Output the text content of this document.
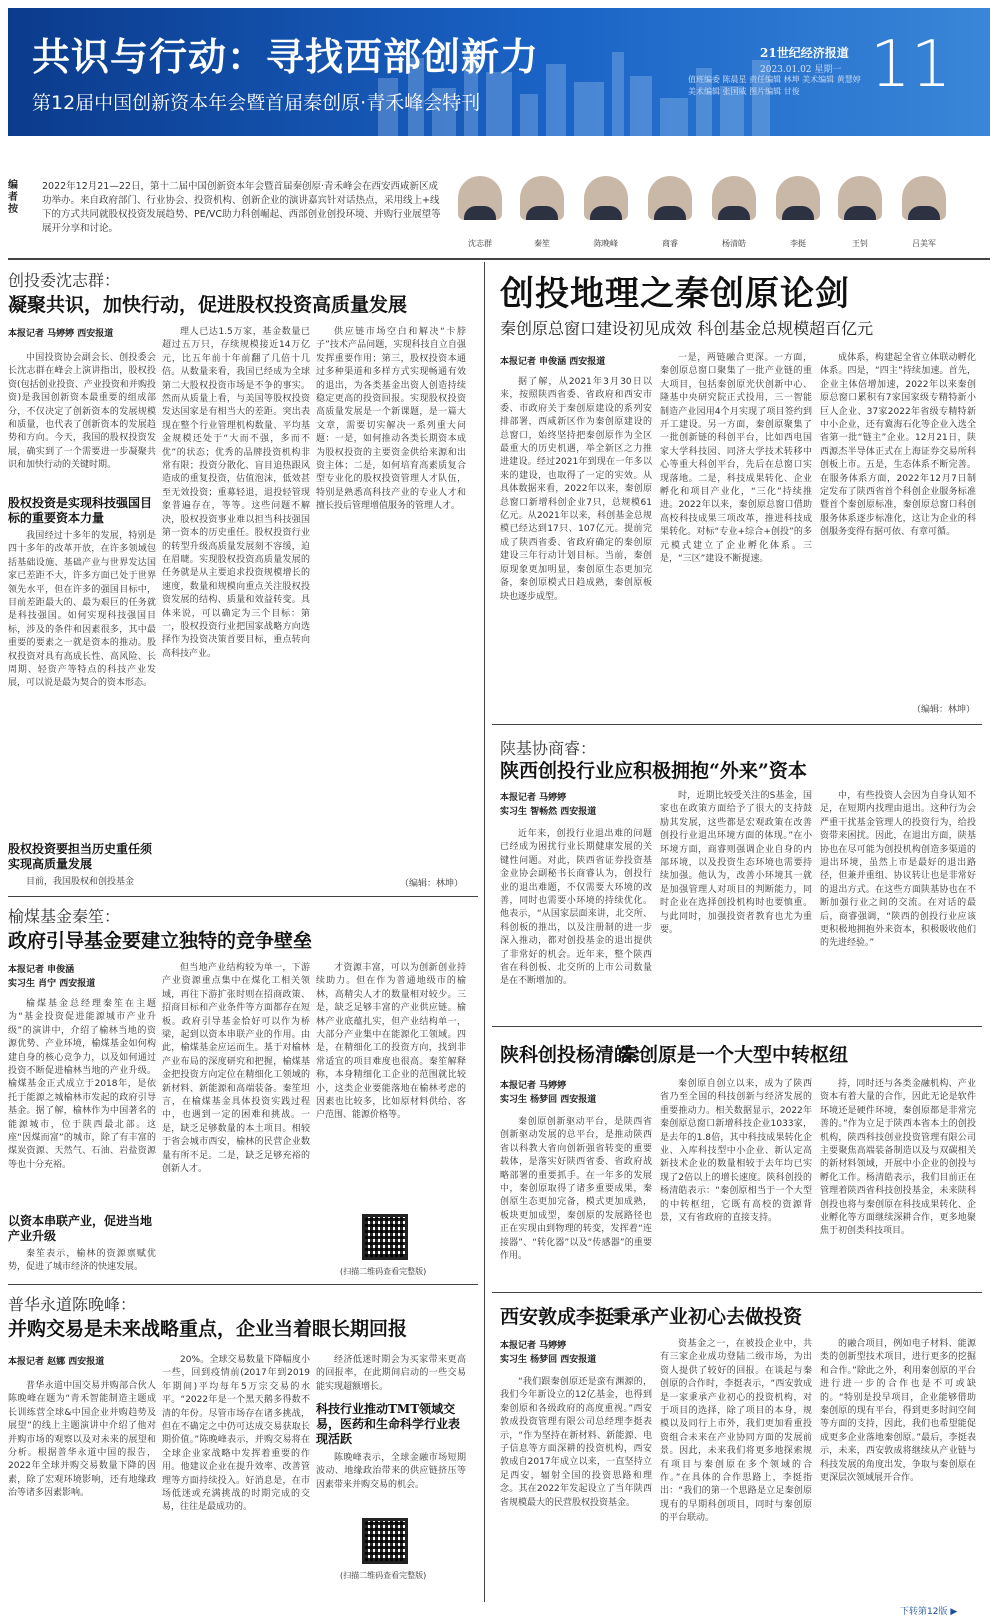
共识与行动：寻找西部创新力
第12届中国创新资本年会暨首届秦创原·青禾峰会特刊
21世纪经济报道
2023.01.02 星期一
值班编委 陈晨星 责任编辑 林坤 美术编辑 黄慧婷 美术编辑 张国威 图片编辑 甘俊	11
编者按
2022年12月21—22日，第十二届中国创新资本年会暨首届秦创原·青禾峰会在西安西咸新区成功举办。来自政府部门、行业协会、投资机构、创新企业的演讲嘉宾针对话热点，采用线上+线下的方式共同就股权投资发展趋势、PE/VC助力科创崛起、西部创业创投环境、并购行业展望等展开分享和讨论。
沈志群	秦笙	陈晚峰	商睿	杨清皓	李挺	王钊	吕美军
创投委沈志群：
凝聚共识，加快行动，促进股权投资高质量发展
本报记者 马婷婷 西安报道

中国投资协会副会长、创投委会长沈志群在峰会上演讲指出，股权投资(包括创业投资、产业投资和并购投资)是我国创新资本最重要的组成部分，不仅决定了创新资本的发展规模和质量，也代表了创新资本的发展趋势和方向。今天，我国的股权投资发展，确实到了一个需要进一步凝聚共识和加快行动的关键时期。

股权投资是实现科技强国目标的重要资本力量

我国经过十多年的发展，特别是四十多年的改革开放，在许多领域包括基础设施、基础产业与世界发达国家已差距不大，许多方面已处于世界领先水平，但在许多的强国目标中，目前差距最大的、最为艰巨的任务就是科技强国。如何实现科技强国目标，涉及的条件和因素很多，其中最重要的要素之一就是资本的推动。股权投资对具有高成长性、高风险、长周期、轻资产等特点的科技产业发展，可以说是最为契合的资本形态。

股权投资要担当历史重任须实现高质量发展

目前，我国股权和创投基金

理人已达1.5万家，基金数量已超过五万只，存续规模接近14万亿元，比五年前十年前翻了几倍十几倍。从数量来看，我国已经成为全球第二大股权投资市场是不争的事实。然而从质量上看，与美国等股权投资发达国家是有相当大的差距。突出表现在整个行业管理机构数量、平均基金规模还处于“大而不强，多而不优”的状态；优秀的品牌投资机构非常有限；投资分散化、盲目追热跟风造成的重复投资，估值泡沫，低效甚至无效投资；重募轻退，退投轻管现象普遍存在，等等。这些问题不解决，股权投资事业难以担当科技强国第一资本的历史重任。股权投资行业的转型升级高质量发展刻不容缓，迫在眉睫。实现股权投资高质量发展的任务就是从主要追求投资规模增长的速度，数量和规模向重点关注股权投资发展的结构、质量和效益转变。具体来说，可以确定为三个目标：第一，股权投资行业把国家战略方向选择作为投资决策首要目标，重点转向高科技产业。

供应链市场空白和解决“卡脖子”技术产品问题，实现科技自立自强发挥重要作用；第三，股权投资本通过多种渠道和多样方式实现畅通有效的退出，为各类基金出资人创造持续稳定更高的投资回报。实现股权投资高质量发展是一个新课题，是一篇大文章，需要切实解决一系列重大问题：一是，如何推动各类长期资本成为股权投资的主要资金供给来源和出资主体；二是，如何培育高素质复合型专业化的股权投资管理人才队伍，特别是熟悉高科技产业的专业人才和擅长投后管理增值服务的管理人才。

（编辑：林坤）
榆煤基金秦笙：
政府引导基金要建立独特的竞争壁垒
本报记者 申俊涵
实习生 肖宁 西安报道

榆煤基金总经理秦笙在主题为“基金投资促进能源城市产业升级”的演讲中，介绍了榆林当地的资源优势、产业环境，榆煤基金如何构建自身的核心竞争力，以及如何通过投资不断促进榆林当地的产业升级。榆煤基金正式成立于2018年，是依托于能源之城榆林市发起的政府引导基金。据了解，榆林作为中国著名的能源城市，位于陕西最北部。这座“因煤而富”的城市，除了有丰富的煤炭资源、天然气、石油、岩盐资源等也十分充裕。

以资本串联产业，促进当地产业升级

秦笙表示，榆林的资源禀赋优势，促进了城市经济的快速发展。

但当地产业结构较为单一，下游产业资源重点集中在煤化工相关领域，再往下游扩张时则在招商政策、招商目标和产业条件等方面都存在短板。政府引导基金恰好可以作为桥梁，起到以资本串联产业的作用。由此，榆煤基金应运而生。基于对榆林产业布局的深度研究和把握，榆煤基金把投资方向定位在精细化工领域的新材料、新能源和高端装备。秦笙坦言，在榆煤基金具体投资实践过程中，也遇到一定的困难和挑战。一是，缺乏足够数量的本土项目。相较于省会城市西安，榆林的民营企业数量有所不足。二是，缺乏足够充裕的创新人才。

才资源丰富，可以为创新创业持续助力。但在作为普通地级市的榆林，高精尖人才的数量相对较少。三是，缺乏足够丰富的产业供应链。榆林产业底蕴扎实，但产业结构单一，大部分产业集中在能源化工领域。四是，在精细化工的投资方向，找到非常适宜的项目难度也很高。秦笙解释称，本身精细化工企业的范围就比较小，这类企业要能落地在榆林考虑的因素也比较多，比如原材料供给、客户范围、能源价格等。

(扫描二维码查看完整版)
普华永道陈晚峰：
并购交易是未来战略重点，企业当着眼长期回报
本报记者 赵娜 西安报道

普华永道中国交易并购部合伙人陈晚峰在题为“青禾智能制造主题成长训练营全球&中国企业并购趋势及展望”的线上主题演讲中介绍了他对并购市场的观察以及对未来的展望和分析。根据普华永道中国的报告，2022年全球并购交易数量下降的因素，除了宏观环境影响，还有地缘政治等诸多因素影响。

20%。全球交易数量下降幅度小一些，回到疫情前(2017年到2019年期间)平均每年5万宗交易的水平。“2022年是一个黑天鹅多得数不清的年份。尽管市场存在诸多挑战，但在不确定之中仍可达成交易获取长期价值。”陈晚峰表示，并购交易将在全球企业家战略中发挥着重要的作用。他建议企业在提升效率、改善管理等方面持续投入。好消息是，在市场低迷或充满挑战的时期完成的交易，往往是最成功的。

经济低迷时期会为买家带来更高的回报率，在此期间启动的一些交易能实现超额增长。

科技行业推动TMT领域交易，医药和生命科学行业表现活跃

陈晚峰表示，全球金融市场短期波动、地缘政治带来的供应链挤压等因素带来并购交易的机会。

(扫描二维码查看完整版)
创投地理之秦创原论剑
秦创原总窗口建设初见成效 科创基金总规模超百亿元
本报记者 申俊涵 西安报道

据了解，从2021年3月30日以来，按照陕西省委、省政府和西安市委、市政府关于秦创原建设的系列安排部署，西咸新区作为秦创原建设的总窗口，始终坚持把秦创原作为全区最重大的历史机遇，举全新区之力推进建设。经过2021年到现在一年多以来的建设，也取得了一定的实效。从具体数据来看，2022年以来，秦创原总窗口新增科创企业7只，总规模61亿元。从2021年以来，科创基金总规模已经达到17只、107亿元。提前完成了陕西省委、省政府确定的秦创原建设三年行动计划目标。当前，秦创原现象更加明显，秦创原生态更加完备，秦创原模式日趋成熟，秦创原板块也逐步成型。

一是，两链融合更深。一方面，秦创原总窗口聚集了一批产业链的重大项目，包括秦创原光伏创新中心、隆基中央研究院正式投用，三一智能制造产业园用4个月实现了项目签约到开工建设。另一方面，秦创原聚集了一批创新链的科创平台，比如西电国家大学科技园、同济大学技术转移中心等重大科创平台，先后在总窗口实现落地。二是，科技成果转化、企业孵化和项目产业化，“三化”持续推进。2022年以来，秦创原总窗口借助高校科技成果三项改革，推进科技成果转化。对标“专业+综合+创投”的多元模式建立了企业孵化体系。三是，“三区”建设不断提速。

成体系，构建起全省立体联动孵化体系。四是，“四主”持续加速。首先，企业主体倍增加速，2022年以来秦创原总窗口累积有7家国家级专精特新小巨人企业、37家2022年省级专精特新中小企业，还有冀海石化等企业入选全省第一批“链主”企业。12月21日，陕西源杰半导体正式在上海证券交易所科创板上市。五是，生态体系不断完善。在服务体系方面，2022年12月7日制定发布了陕西省首个科创企业服务标准暨首个秦创原标准，秦创原总窗口科创服务体系逐步标准化，这让为企业的科创服务变得有据可依、有章可循。

（编辑：林坤）
陕基协商睿：
陕西创投行业应积极拥抱“外来”资本
本报记者 马婷婷
实习生 智畅然 西安报道

近年来，创投行业退出难的问题已经成为困扰行业长期健康发展的关键性问题。对此，陕西省证券投资基金业协会副秘书长商睿认为，创投行业的退出难题，不仅需要大环境的改善，同时也需要小环境的持续优化。他表示，“从国家层面来讲，北交所、科创板的推出，以及注册制的进一步深入推动，都对创投基金的退出提供了非常好的机会。近年来，整个陕西省在科创板、北交所的上市公司数量是在不断增加的。

时，近期比较受关注的S基金，国家也在政策方面给予了很大的支持鼓励其发展，这些都是宏观政策在改善创投行业退出环境方面的体现。”在小环境方面，商睿则强调企业自身的内部环境，以及投资生态环境也需要持续加强。他认为，改善小环境其一就是加强管理人对项目的判断能力，同时企业在选择创投机构时也要慎重。与此同时，加强投资者教育也尤为重要。

中，有些投资人会因为自身认知不足，在短期内找理由退出。这种行为会严重干扰基金管理人的投资行为，给投资带来困扰。因此，在退出方面，陕基协也在尽可能为创投机构创造多渠道的退出环境，虽然上市是最好的退出路径，但兼并重组、协议转让也是非常好的退出方式。在这些方面陕基协也在不断加强行业之间的交流。在对话的最后，商睿强调，“陕西的创投行业应该更积极地拥抱外来资本，积极吸收他们的先进经验。”

陕科创投杨清皓：
秦创原是一个大型中转枢纽
本报记者 马婷婷
实习生 杨梦回 西安报道

秦创原创新驱动平台，是陕西省创新驱动发展的总平台，是推动陕西省以科教大省向创新强省转变的重要载体，是落实好陕西省委、省政府战略部署的重要抓手。在一年多的发展中，秦创原取得了诸多重要成果，秦创原生态更加完备，模式更加成熟，板块更加成型，秦创原的发展路径也正在实现由到物理的转变，发挥着“连接器”、“转化器”以及“传感器”的重要作用。

秦创原自创立以来，成为了陕西省乃至全国的科技创新与经济发展的重要推动力。相关数据显示，2022年秦创原总窗口新增科技企业1033家，是去年的1.8倍，其中科技成果转化企业、入库科技型中小企业、新认定高新技术企业的数量相较于去年均已实现了2倍以上的增长速度。陕科创投的杨清皓表示：“秦创原相当于一个大型的中转枢纽，它既有高校的资源背景，又有省政府的直接支持。

持，同时还与各类金融机构、产业资本有着大量的合作，因此无论是软件环境还是硬件环境，秦创原都是非常完善的。”作为立足于陕西本省本土的创投机构，陕西科技创业投资管理有限公司主要聚焦高端装备制造以及与双碳相关的新材料领域，开展中小企业的创投与孵化工作。杨清皓表示，我们目前正在管理着陕西省科技创投基金，未来陕科创投也将与秦创原在科技成果转化、企业孵化等方面继续深耕合作，更多地聚焦于初创类科技项目。

西安敦成李挺：
秉承产业初心去做投资
本报记者 马婷婷
实习生 杨梦回 西安报道

“我们跟秦创原还是蛮有渊源的，我们今年新设立的12亿基金，也得到秦创原和各级政府的高度重视。”西安敦成投资管理有限公司总经理李挺表示，“作为坚持在新材料、新能源、电子信息等方面深耕的投资机构，西安敦成自2017年成立以来，一直坚持立足西安，辐射全国的投资思路和理念。其在2022年发起设立了当年陕西省规模最大的民营股权投资基金。

资基金之一，在被投企业中，共有三家企业成功登陆二级市场，为出资人提供了较好的回报。在谈起与秦创原的合作时，李挺表示，“西安敦成是一家秉承产业初心的投资机构，对于项目的选择，除了项目的本身，规模以及同行上市外，我们更加看重投资组合未来在产业协同方面的发展前景。因此，未来我们将更多地探索规有项目与秦创原在多个领域的合作。”在具体的合作思路上，李挺指出：“我们的第一个思路是立足秦创原现有的早期科创项目，同时与秦创原的平台联动。

的融合项目，例如电子材料、能源类的创新型技术项目，进行更多的挖掘和合作。”除此之外，利用秦创原的平台进行进一步的合作也是不可或缺的。“特别是投早项目，企业能够借助秦创原的现有平台，得到更多时间空间等方面的支持，因此，我们也希望能促成更多企业落地秦创原。”最后，李挺表示，未来，西安敦成将继续从产业链与科技发展的角度出发，争取与秦创原在更深层次领域展开合作。

下转第12版 ▶
